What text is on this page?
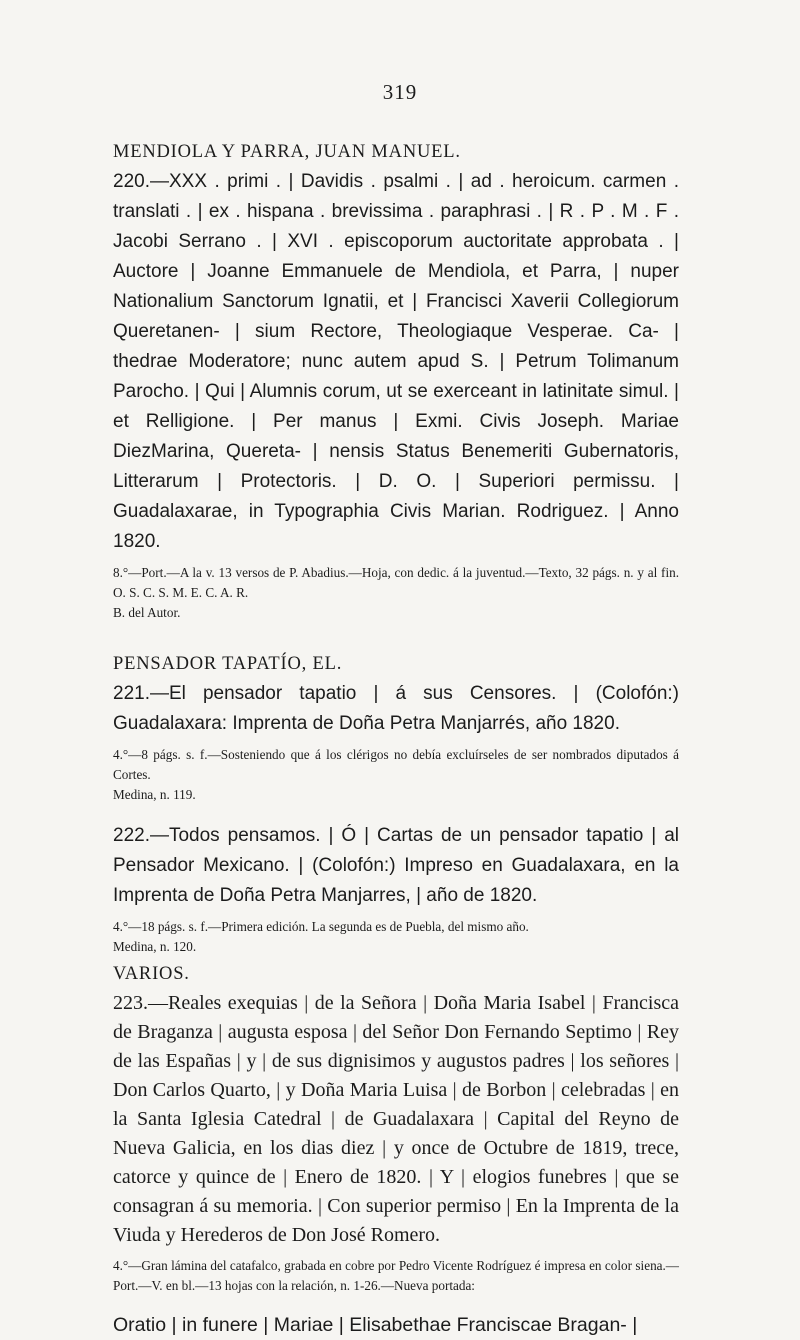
319
MENDIOLA Y PARRA, JUAN MANUEL.

220.—XXX . primi . | Davidis . psalmi . | ad . heroicum. carmen . translati . | ex . hispana . brevissima . paraphrasi . | R . P . M . F . Jacobi Serrano . | XVI . episcoporum auctoritate approbata . | Auctore | Joanne Emmanuele de Mendiola, et Parra, | nuper Nationalium Sanctorum Ignatii, et | Francisci Xaverii Collegiorum Queretanen- | sium Rectore, Theologiaque Vesperae. Ca- | thedrae Moderatore; nunc autem apud S. | Petrum Tolimanum Parocho. | Qui | Alumnis corum, ut se exerceant in latinitate simul. | et Relligione. | Per manus | Exmi. Civis Joseph. Mariae DiezMarina, Quereta- | nensis Status Benemeriti Gubernatoris, Litterarum | Protectoris. | D. O. | Superiori permissu. | Guadalaxarae, in Typographia Civis Marian. Rodriguez. | Anno 1820.

8.°—Port.—A la v. 13 versos de P. Abadius.—Hoja, con dedic. á la juventud.—Texto, 32 págs. n. y al fin. O. S. C. S. M. E. C. A. R.

B. del Autor.

PENSADOR TAPATÍO, EL.

221.—El pensador tapatio | á sus Censores. | (Colofón:) Guadalaxara: Imprenta de Doña Petra Manjarrés, año 1820.

4.°—8 págs. s. f.—Sosteniendo que á los clérigos no debía excluírseles de ser nombrados diputados á Cortes.

Medina, n. 119.

222.—Todos pensamos. | Ó | Cartas de un pensador tapatio | al Pensador Mexicano. | (Colofón:) Impreso en Guadalaxara, en la Imprenta de Doña Petra Manjarres, | año de 1820.

4.°—18 págs. s. f.—Primera edición. La segunda es de Puebla, del mismo año.

Medina, n. 120.

VARIOS.

223.—Reales exequias | de la Señora | Doña Maria Isabel | Francisca de Braganza | augusta esposa | del Señor Don Fernando Septimo | Rey de las Españas | y | de sus dignisimos y augustos padres | los señores | Don Carlos Quarto, | y Doña Maria Luisa | de Borbon | celebradas | en la Santa Iglesia Catedral | de Guadalaxara | Capital del Reyno de Nueva Galicia, en los dias diez | y once de Octubre de 1819, trece, catorce y quince de | Enero de 1820. | Y | elogios funebres | que se consagran á su memoria. | Con superior permiso | En la Imprenta de la Viuda y Herederos de Don José Romero.

4.°—Gran lámina del catafalco, grabada en cobre por Pedro Vicente Rodríguez é impresa en color siena.—Port.—V. en bl.—13 hojas con la relación, n. 1-26.—Nueva portada:

Oratio | in funere | Mariae | Elisabethae Franciscae Bragan- |
